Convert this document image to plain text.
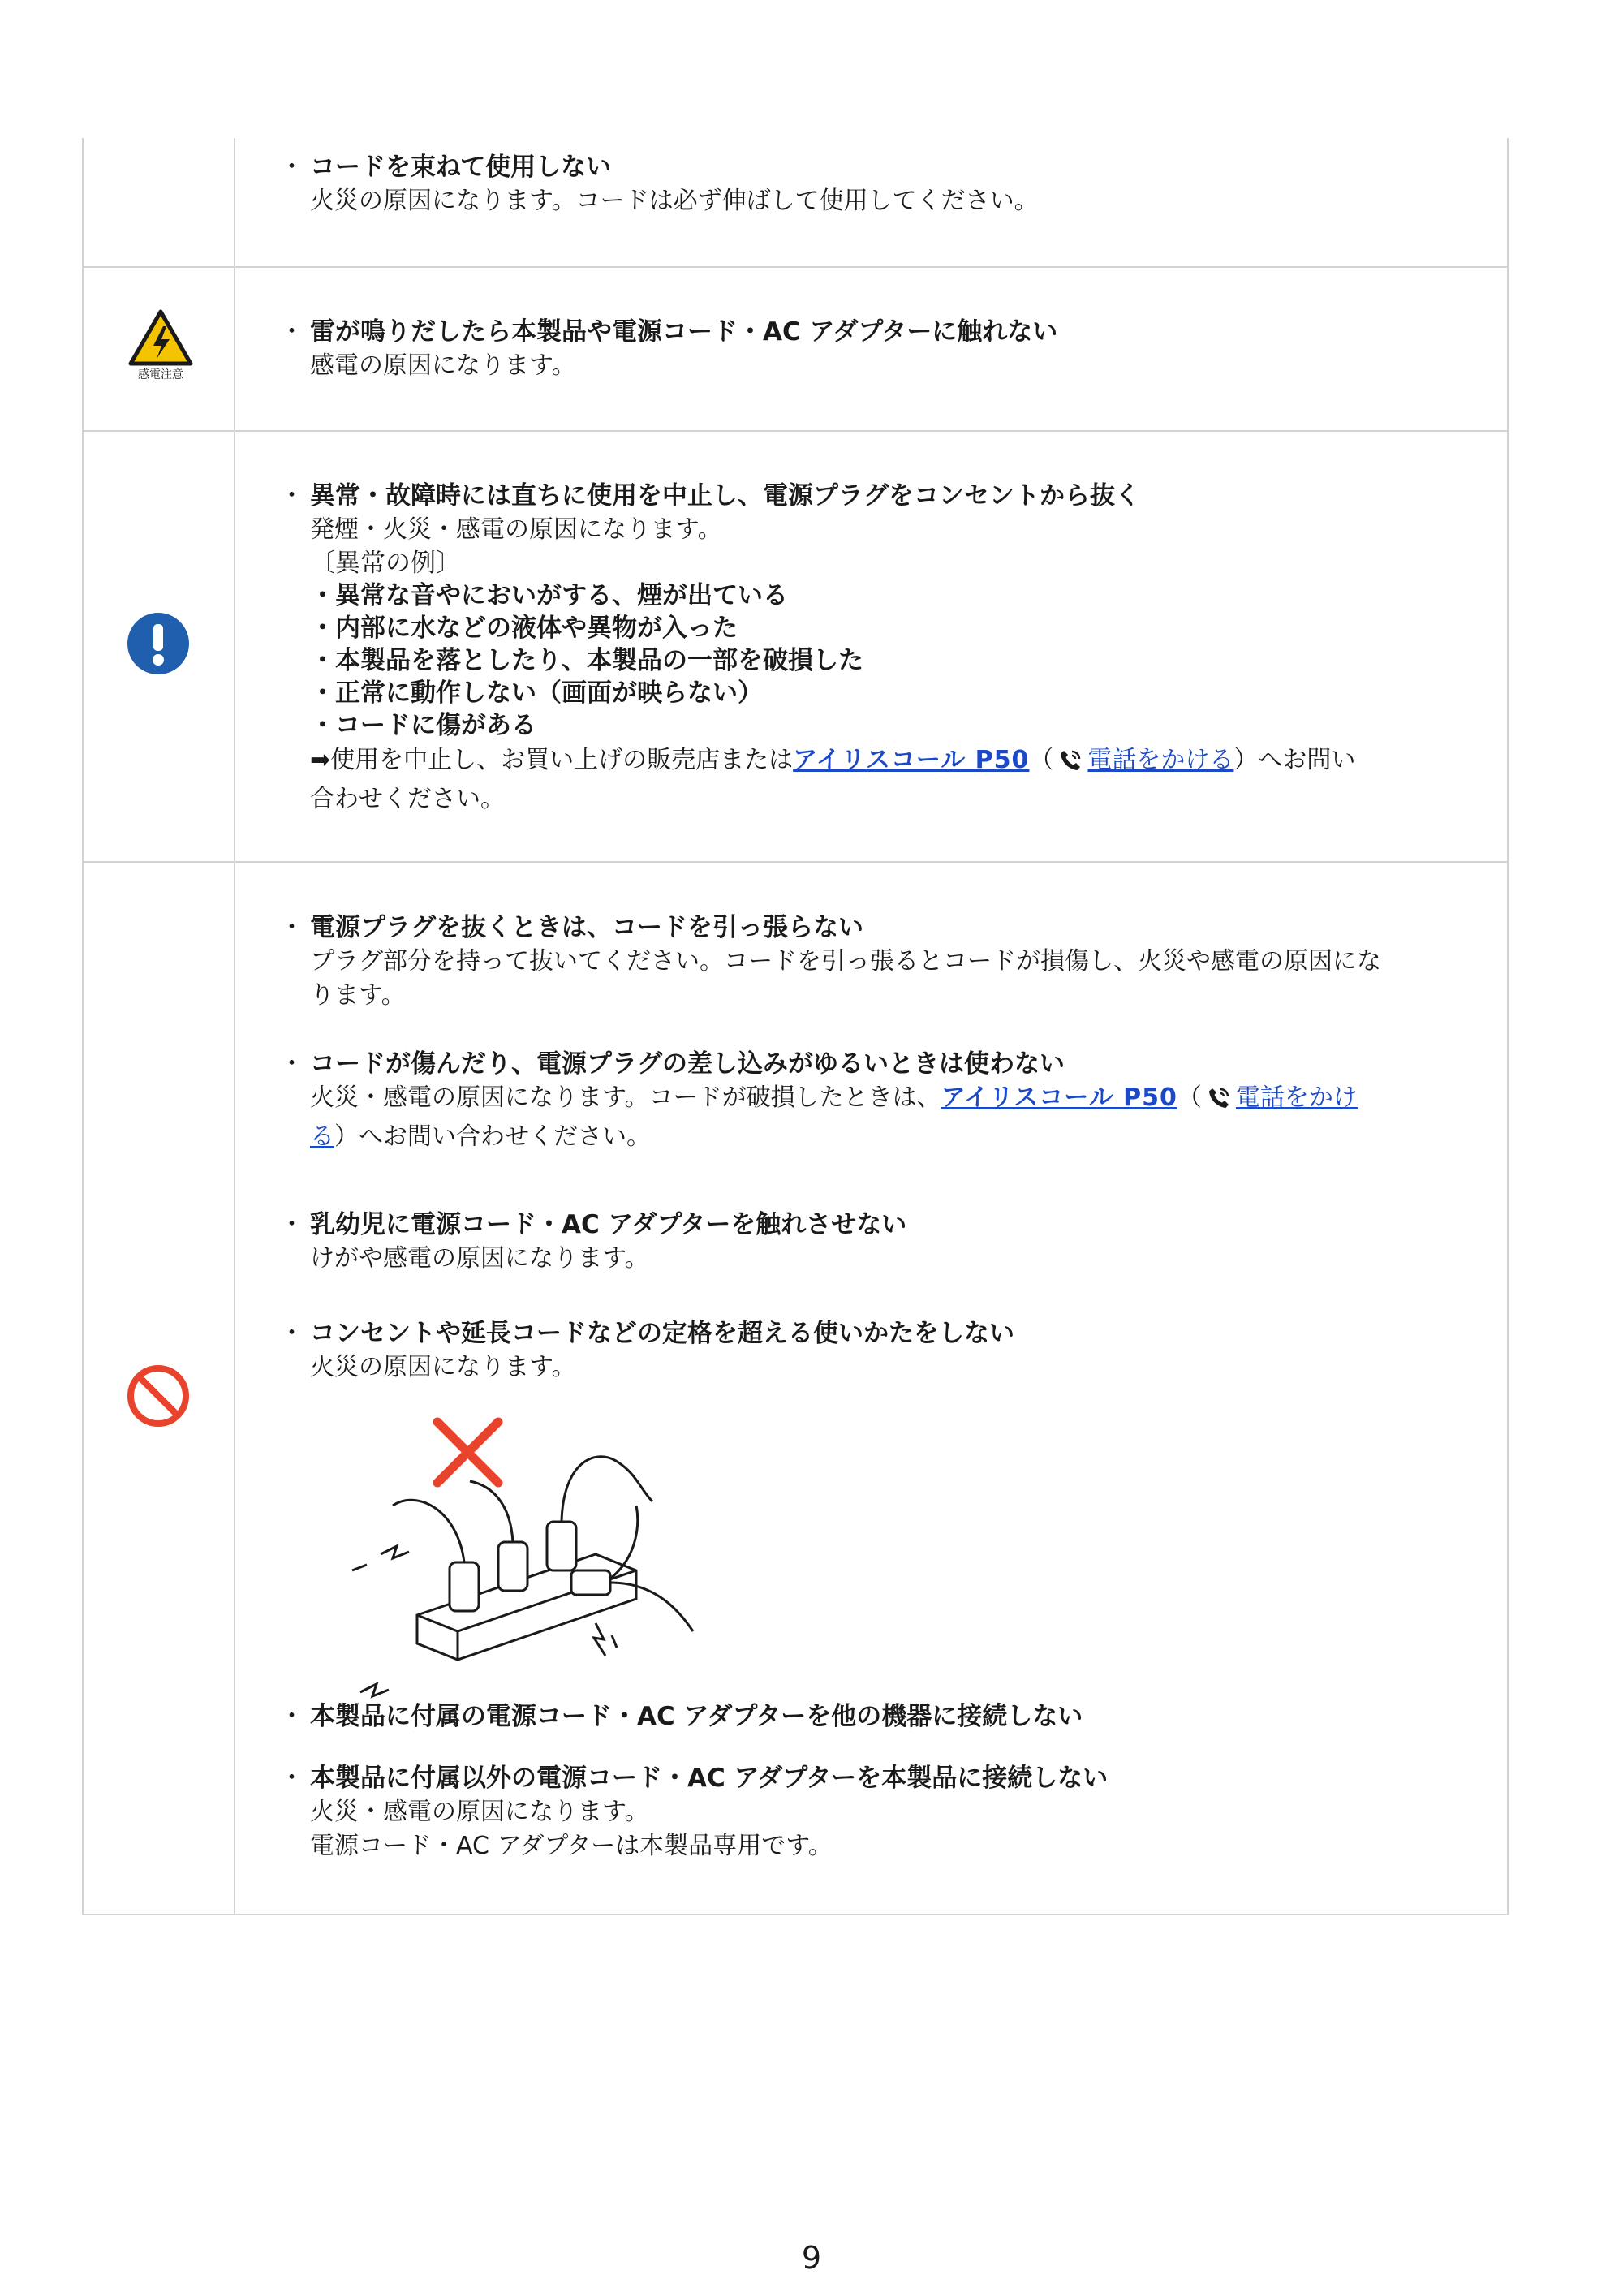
感電注意
・ コードを束ねて使用しない
火災の原因になります。コードは必ず伸ばして使用してください。
・ 雷が鳴りだしたら本製品や電源コード・AC アダプターに触れない
感電の原因になります。
・ 異常・故障時には直ちに使用を中止し、電源プラグをコンセントから抜く
発煙・火災・感電の原因になります。
〔異常の例〕
・異常な音やにおいがする、煙が出ている
・内部に水などの液体や異物が入った
・本製品を落としたり、本製品の一部を破損した
・正常に動作しない（画面が映らない）
・コードに傷がある
➡使用を中止し、お買い上げの販売店またはアイリスコール P50（ 電話をかける）へお問い
合わせください。
・ 電源プラグを抜くときは、コードを引っ張らない
プラグ部分を持って抜いてください。コードを引っ張るとコードが損傷し、火災や感電の原因にな
ります。
・ コードが傷んだり、電源プラグの差し込みがゆるいときは使わない
火災・感電の原因になります。コードが破損したときは、アイリスコール P50（ 電話をかけ
る）へお問い合わせください。
・ 乳幼児に電源コード・AC アダプターを触れさせない
けがや感電の原因になります。
・ コンセントや延長コードなどの定格を超える使いかたをしない
火災の原因になります。
・ 本製品に付属の電源コード・AC アダプターを他の機器に接続しない
・ 本製品に付属以外の電源コード・AC アダプターを本製品に接続しない
火災・感電の原因になります。
電源コード・AC アダプターは本製品専用です。
9
